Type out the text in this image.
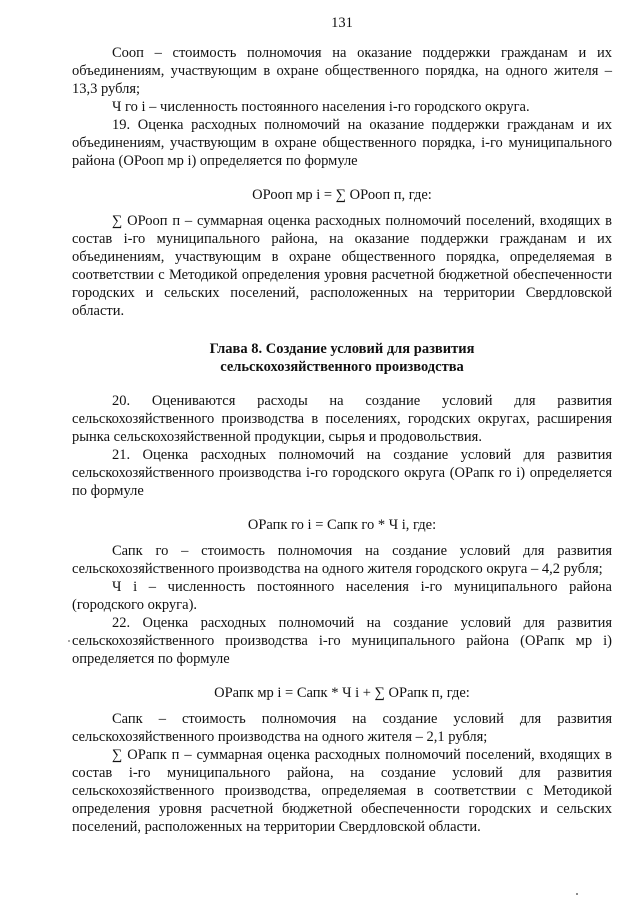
131

Cооп – стоимость полномочия на оказание поддержки гражданам и их объединениям, участвующим в охране общественного порядка, на одного жителя – 13,3 рубля;

Ч го i – численность постоянного населения i-го городского округа.

19. Оценка расходных полномочий на оказание поддержки гражданам и их объединениям, участвующим в охране общественного порядка, i-го муниципального района (ОРооп мр i) определяется по формуле

ОРооп мр i = ∑ ОРооп п, где:

∑ ОРооп п – суммарная оценка расходных полномочий поселений, входящих в состав i-го муниципального района, на оказание поддержки гражданам и их объединениям, участвующим в охране общественного порядка, определяемая в соответствии с Методикой определения уровня расчетной бюджетной обеспеченности городских и сельских поселений, расположенных на территории Свердловской области.

Глава 8. Создание условий для развития
сельскохозяйственного производства

20. Оцениваются расходы на создание условий для развития сельскохозяйственного производства в поселениях, городских округах, расширения рынка сельскохозяйственной продукции, сырья и продовольствия.

21. Оценка расходных полномочий на создание условий для развития сельскохозяйственного производства i-го городского округа (ОРапк го i) определяется по формуле

ОРапк го i = Сапк го * Ч i, где:

Сапк го – стоимость полномочия на создание условий для развития сельскохозяйственного производства на одного жителя городского округа – 4,2 рубля;

Ч i – численность постоянного населения i-го муниципального района (городского округа).

22. Оценка расходных полномочий на создание условий для развития сельскохозяйственного производства i-го муниципального района (ОРапк мр i) определяется по формуле

ОРапк мр i = Сапк * Ч i + ∑ ОРапк п, где:

Сапк – стоимость полномочия на создание условий для развития сельскохозяйственного производства на одного жителя – 2,1 рубля;

∑ ОРапк п – суммарная оценка расходных полномочий поселений, входящих в состав i-го муниципального района, на создание условий для развития сельскохозяйственного производства, определяемая в соответствии с Методикой определения уровня расчетной бюджетной обеспеченности городских и сельских поселений, расположенных на территории Свердловской области.
